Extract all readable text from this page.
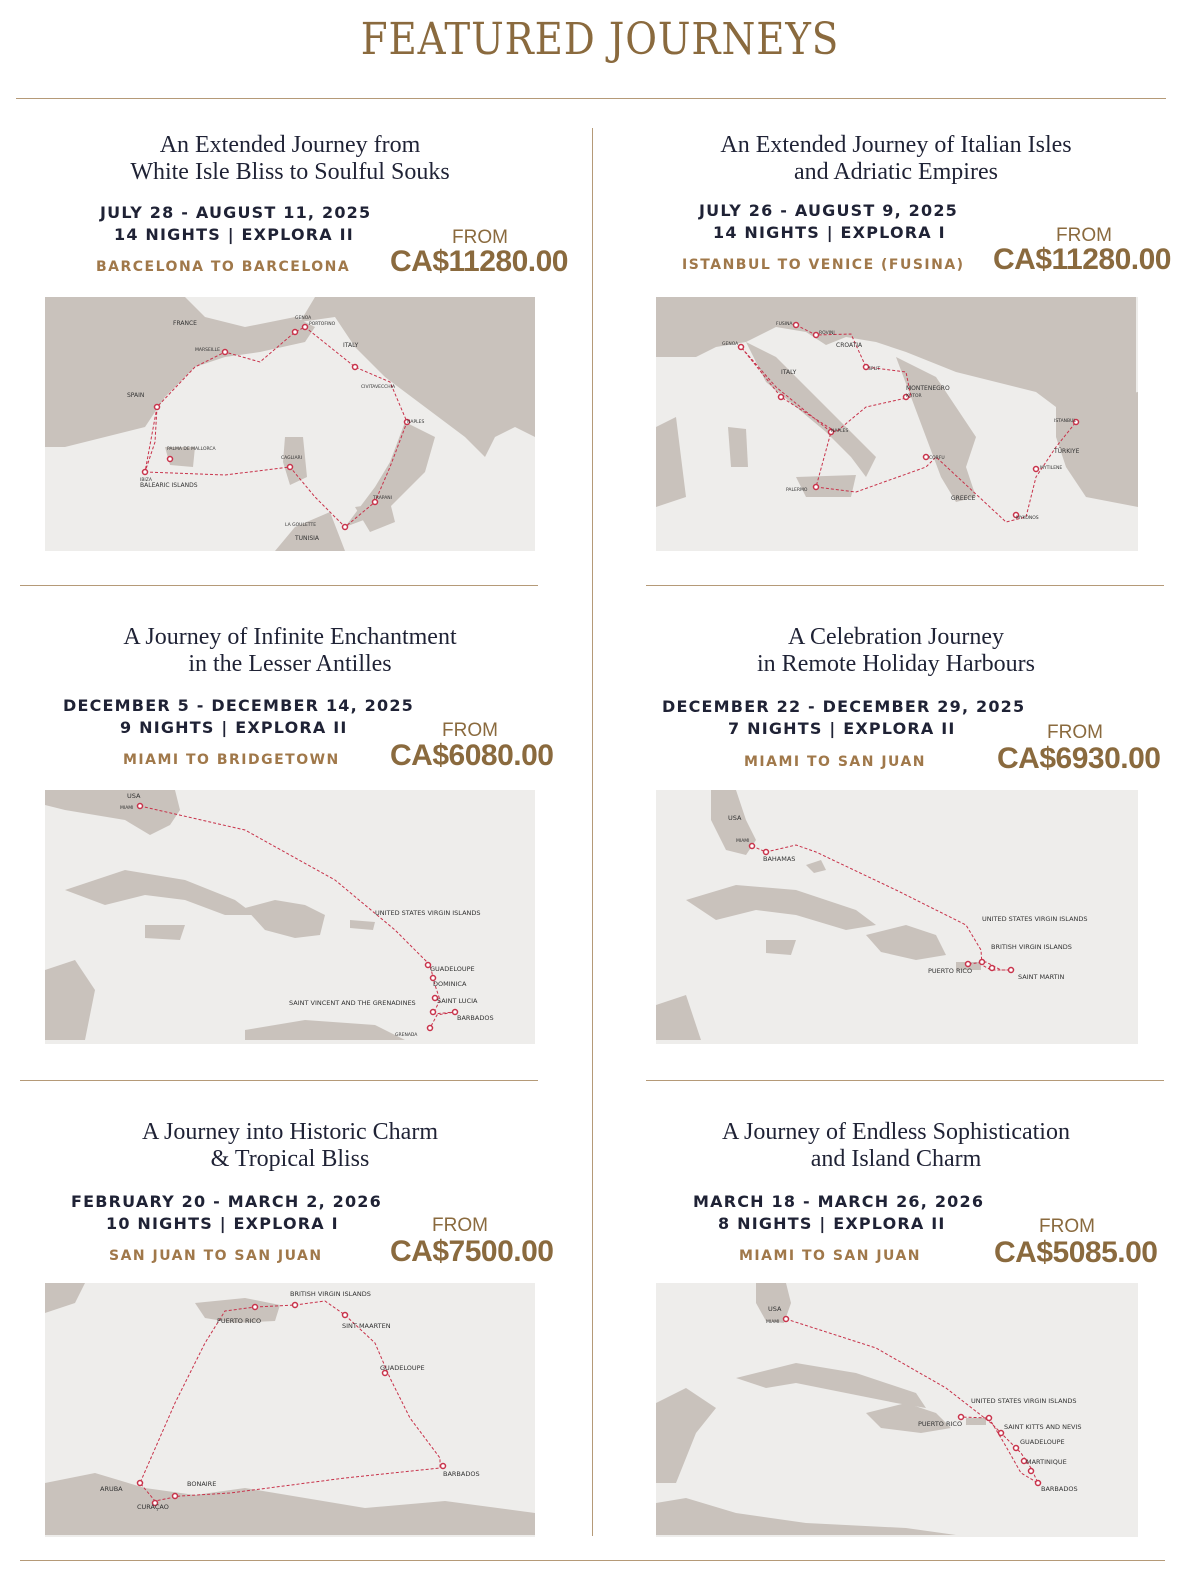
FEATURED JOURNEYS
An Extended Journey from
White Isle Bliss to Soulful Souks
JULY 28 - AUGUST 11, 2025
14 NIGHTS | EXPLORA II	FROM
BARCELONA TO BARCELONA CA$11280.00
FRANCE
ITALY
SPAIN
BALEARIC ISLANDS
TUNISIA
MARSEILLE
GENOA
PORTOFINO
NAPLES
CIVITAVECCHIA
IBIZA
PALMA DE MALLORCA
CAGLIARI
TRAPANI
LA GOULETTE
An Extended Journey of Italian Isles
and Adriatic Empires
JULY 26 - AUGUST 9, 2025
14 NIGHTS | EXPLORA I	FROM
ISTANBUL TO VENICE (FUSINA) CA$11280.00
ITALY
CROATIA
MONTENEGRO
TÜRKIYE
GREECE
GENOA
FUSINA
ROVINJ
SPLIT
KOTOR
CORFU
NAPLES
PALERMO
ISTANBUL
MYTILENE
MYKONOS
A Journey of Infinite Enchantment
in the Lesser Antilles
DECEMBER 5 - DECEMBER 14, 2025
9 NIGHTS | EXPLORA II	FROM
MIAMI TO BRIDGETOWN CA$6080.00
USA
MIAMI
UNITED STATES VIRGIN ISLANDS
GUADELOUPE
DOMINICA
SAINT LUCIA
SAINT VINCENT AND THE GRENADINES
BARBADOS
GRENADA
A Celebration Journey
in Remote Holiday Harbours
DECEMBER 22 - DECEMBER 29, 2025
7 NIGHTS | EXPLORA II	FROM
MIAMI TO SAN JUAN CA$6930.00
USA
MIAMI
BAHAMAS
UNITED STATES VIRGIN ISLANDS
BRITISH VIRGIN ISLANDS
PUERTO RICO
SAINT MARTIN
A Journey into Historic Charm
& Tropical Bliss
FEBRUARY 20 - MARCH 2, 2026
10 NIGHTS | EXPLORA I	FROM
SAN JUAN TO SAN JUAN CA$7500.00
BRITISH VIRGIN ISLANDS
PUERTO RICO
SINT MAARTEN
GUADELOUPE
BARBADOS
ARUBA
BONAIRE
CURAÇAO
A Journey of Endless Sophistication
and Island Charm
MARCH 18 - MARCH 26, 2026
8 NIGHTS | EXPLORA II	FROM
MIAMI TO SAN JUAN CA$5085.00
USA
MIAMI
UNITED STATES VIRGIN ISLANDS
PUERTO RICO	SAINT KITTS AND NEVIS
GUADELOUPE
MARTINIQUE
BARBADOS
